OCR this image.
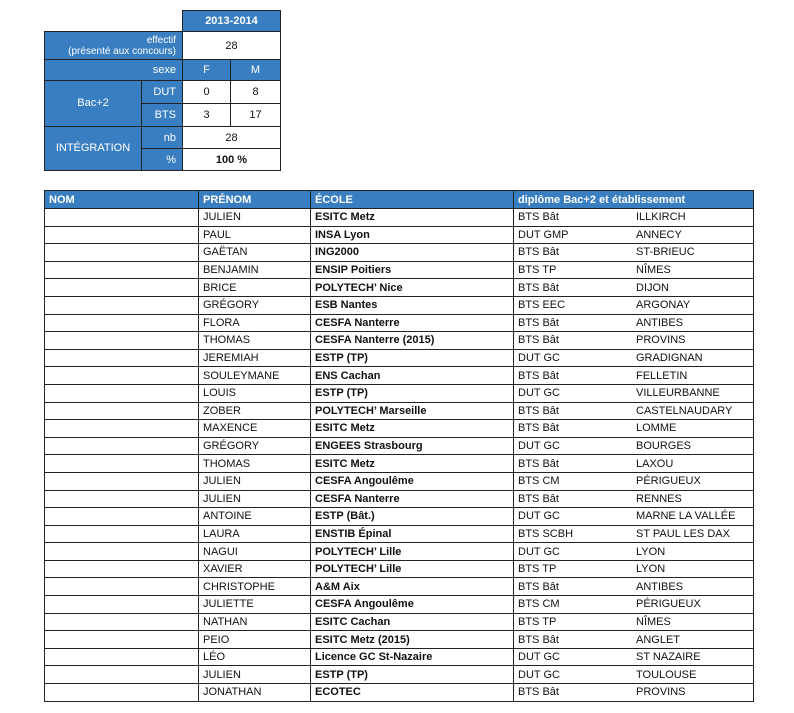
		2013-2014	

effectif
(présenté aux concours)		28	
sexe		F	M
Bac+2	DUT	0	8
	BTS	3	17
INTÉGRATION	nb	28	
	%	100 %	
NOM	PRÉNOM	ÉCOLE	diplôme Bac+2 et établissement
	JULIEN	ESITC Metz	BTS Bât ILLKIRCH
	PAUL	INSA Lyon	DUT GMP ANNECY
	GAËTAN	ING2000	BTS Bât ST-BRIEUC
	BENJAMIN	ENSIP Poitiers	BTS TP NÎMES
	BRICE	POLYTECH’ Nice	BTS Bât DIJON
	GRÉGORY	ESB Nantes	BTS EEC ARGONAY
	FLORA	CESFA Nanterre	BTS Bât ANTIBES
	THOMAS	CESFA Nanterre (2015)	BTS Bât PROVINS
	JEREMIAH	ESTP (TP)	DUT GC GRADIGNAN
	SOULEYMANE	ENS Cachan	BTS Bât FELLETIN
	LOUIS	ESTP (TP)	DUT GC VILLEURBANNE
	ZOBER	POLYTECH’ Marseille	BTS Bât CASTELNAUDARY
	MAXENCE	ESITC Metz	BTS Bât LOMME
	GRÉGORY	ENGEES Strasbourg	DUT GC BOURGES
	THOMAS	ESITC Metz	BTS Bât LAXOU
	JULIEN	CESFA Angoulême	BTS CM PÉRIGUEUX
	JULIEN	CESFA Nanterre	BTS Bât RENNES
	ANTOINE	ESTP (Bât.)	DUT GC MARNE LA VALLÉE
	LAURA	ENSTIB Épinal	BTS SCBH ST PAUL LES DAX
	NAGUI	POLYTECH’ Lille	DUT GC LYON
	XAVIER	POLYTECH’ Lille	BTS TP LYON
	CHRISTOPHE	A&M Aix	BTS Bât ANTIBES
	JULIETTE	CESFA Angoulême	BTS CM PÉRIGUEUX
	NATHAN	ESITC Cachan	BTS TP NÎMES
	PEIO	ESITC Metz (2015)	BTS Bât ANGLET
	LÉO	Licence GC St-Nazaire	DUT GC ST NAZAIRE
	JULIEN	ESTP (TP)	DUT GC TOULOUSE
	JONATHAN	ECOTEC	BTS Bât PROVINS
